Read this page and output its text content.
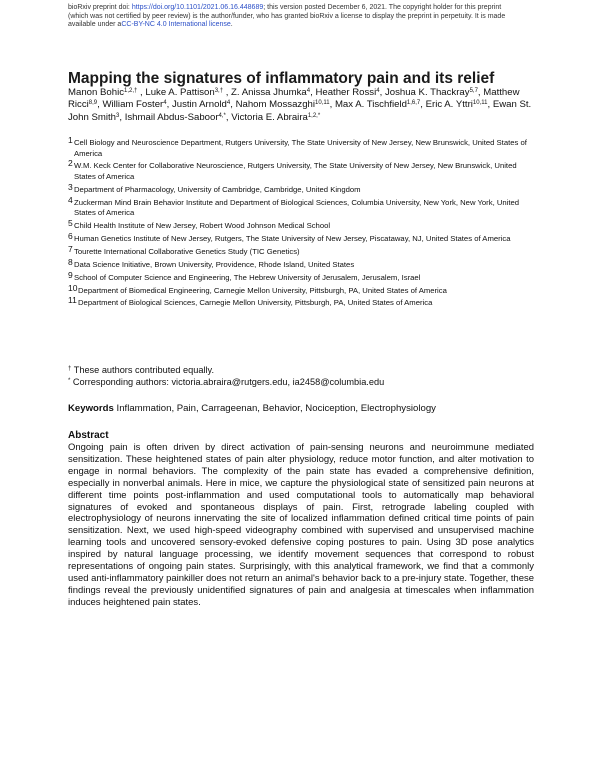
bioRxiv preprint doi: https://doi.org/10.1101/2021.06.16.448689; this version posted December 6, 2021. The copyright holder for this preprint
(which was not certified by peer review) is the author/funder, who has granted bioRxiv a license to display the preprint in perpetuity. It is made
available under aCC-BY-NC 4.0 International license.
Mapping the signatures of inflammatory pain and its relief
Manon Bohic$^{1,2,\dagger}$ , Luke A. Pattison$^{3,\dagger}$ , Z. Anissa Jhumka$^4$, Heather Rossi$^4$, Joshua K. Thackray$^{5,7}$, Matthew Ricci$^{8,9}$, William Foster$^4$, Justin Arnold$^4$, Nahom Mossazghi$^{10,11}$, Max A. Tischfield$^{1,6,7}$, Eric A. Yttri$^{10,11}$, Ewan St. John Smith$^3$, Ishmail Abdus-Saboor$^{4,*}$, Victoria E. Abraira$^{1,2,*}$
1 Cell Biology and Neuroscience Department, Rutgers University, The State University of New Jersey, New Brunswick, United States of America
2 W.M. Keck Center for Collaborative Neuroscience, Rutgers University, The State University of New Jersey, New Brunswick, United States of America
3 Department of Pharmacology, University of Cambridge, Cambridge, United Kingdom
4 Zuckerman Mind Brain Behavior Institute and Department of Biological Sciences, Columbia University, New York, New York, United States of America
5 Child Health Institute of New Jersey, Robert Wood Johnson Medical School
6 Human Genetics Institute of New Jersey, Rutgers, The State University of New Jersey, Piscataway, NJ, United States of America
7 Tourette International Collaborative Genetics Study (TIC Genetics)
8 Data Science Initiative, Brown University, Providence, Rhode Island, United States
9 School of Computer Science and Engineering, The Hebrew University of Jerusalem, Jerusalem, Israel
10 Department of Biomedical Engineering, Carnegie Mellon University, Pittsburgh, PA, United States of America
11 Department of Biological Sciences, Carnegie Mellon University, Pittsburgh, PA, United States of America
† These authors contributed equally.
* Corresponding authors: victoria.abraira@rutgers.edu, ia2458@columbia.edu
Keywords Inflammation, Pain, Carrageenan, Behavior, Nociception, Electrophysiology
Abstract

Ongoing pain is often driven by direct activation of pain-sensing neurons and neuroimmune mediated sensitization. These heightened states of pain alter physiology, reduce motor function, and alter motivation to engage in normal behaviors. The complexity of the pain state has evaded a comprehensive definition, especially in nonverbal animals. Here in mice, we capture the physiological state of sensitized pain neurons at different time points post-inflammation and used computational tools to automatically map behavioral signatures of evoked and spontaneous displays of pain. First, retrograde labeling coupled with electrophysiology of neurons innervating the site of localized inflammation defined critical time points of pain sensitization. Next, we used high-speed videography combined with supervised and unsupervised machine learning tools and uncovered sensory-evoked defensive coping postures to pain. Using 3D pose analytics inspired by natural language processing, we identify movement sequences that correspond to robust representations of ongoing pain states. Surprisingly, with this analytical framework, we find that a commonly used anti-inflammatory painkiller does not return an animal's behavior back to a pre-injury state. Together, these findings reveal the previously unidentified signatures of pain and analgesia at timescales when inflammation induces heightened pain states.
